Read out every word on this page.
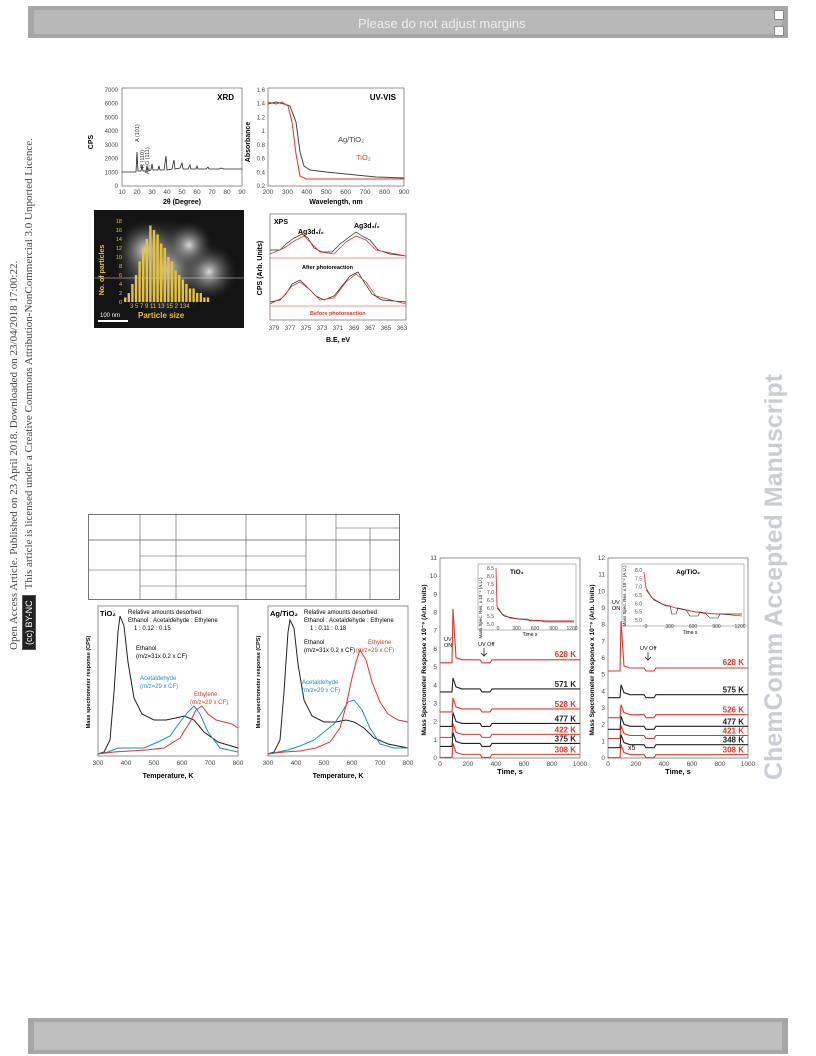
Please do not adjust margins
Open Access Article. Published on 23 April 2018. Downloaded on 23/04/2018 17:00:22. (cc) BY-NCThis article is licensed under a Creative Commons Attribution-NonCommercial 3.0 Unported Licence.	ChemComm Accepted Manuscript
XRD
0
1000
2000
3000
4000
5000
6000
7000
10 20 30 40 50 60 70 80 90
A (101)
R (110) Ag₂O (111)
CPS
2θ (Degree)
UV-VIS
0.2
0.4
0.6
0.8
1
1.2
1.4
1.6
200 300 400 500 600 700 800 900
Ag/TiO₂
TiO₂
Absorbance
Wavelength, nm
0
2
4
6
8
10
12
14
16
18
No. of particles
3 5 7 9 11 13 15 2 134
Particle size
100 nm
XPS
Ag3d₅/₂
Ag3d₃/₂
After photoreaction
Before photoreaction
379 377 375 373 371 369 367 365 363
CPS (Arb. Units)
B.E, eV
TiO₂ Relative amounts desorbed
Ethanol : Acetaldehyde : Ethylene
1 : 0.12 : 0.15
Ethanol
(m/z=31x 0.2 x CF)
Acetaldehyde
(m/z=29 x CF)
Ethylene
(m/z=29 x CF)
300	400	500	600	700	800
Mass spectrometer response (CPS)
Temperature, K
Ag/TiO₂ Relative amounts desorbed
Ethanol : Acetaldehyde : Ethylene
1 : 0.11 : 0.18
Ethanol
(m/z=31x 0.2 x CF)
Acetaldehyde
(m/z=29 x CF)
Ethylene
(m/z=29 x CF)
300	400	500	600	700	800
Mass spectrometer response (CPS)
Temperature, K
0
1
2
3
4
5
6
7
8
9
10
11
0	200	400	600	800 1000
628 K
571 K
528 K
477 K
422 K
375 K
308 K
UV ON	UV Off
TiO₂
5.0
5.5
6.0
6.5
7.0
7.5
8.0
8.5
0	300 600 900 1200
Mass Spec. Res. x 10⁻⁹ (A.U.)	Time s
Mass Spectrometer Response x 10⁻⁹ (Arb. Units)
Time, s
0
1
2
3
4
5
6
7
8
9
10
11
12
0	200	400	600	800 1000
628 K
575 K
526 K
477 K
421 K
348 K
308 K
UV ON
UV Off
x5
Ag/TiO₂
5.0
5.5
6.0
6.5
7.0
7.5
8.0
0	300	600	900	1200
Mass Spec. Res. x 10⁻⁹ (A.U.)
Time s
Mass Spectrometer Response x 10⁻⁹ (Arb. Units)
Time, s
